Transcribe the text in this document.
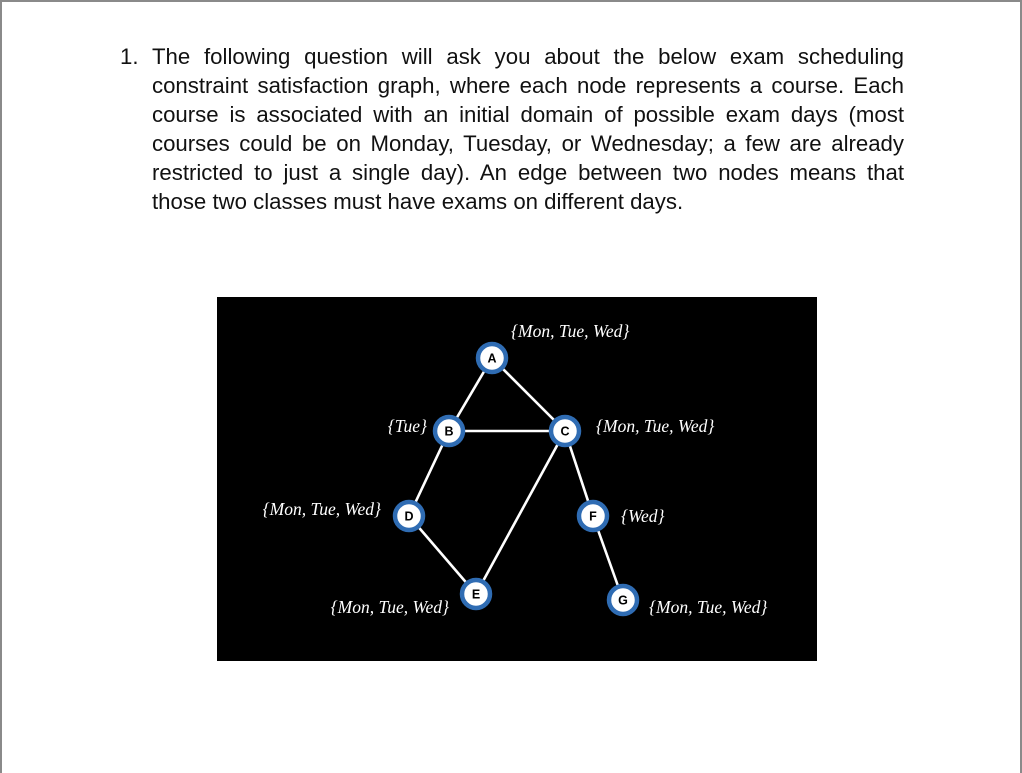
1. The following question will ask you about the below exam scheduling constraint satisfaction graph, where each node represents a course. Each course is associated with an initial domain of possible exam days (most courses could be on Monday, Tuesday, or Wednesday; a few are already restricted to just a single day). An edge between two nodes means that those two classes must have exams on different days.
A
B	C
D
E
F
G
{Mon, Tue, Wed}
{Tue}	{Mon, Tue, Wed}
{Mon, Tue, Wed}
{Mon, Tue, Wed}
{Wed}
{Mon, Tue, Wed}
